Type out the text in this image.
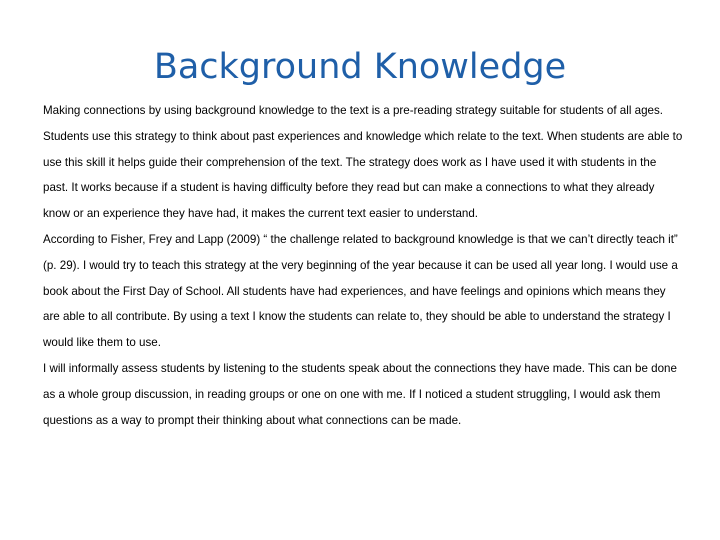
Background Knowledge

Making connections by using background knowledge to the text is a pre-reading strategy suitable for students of all ages. Students use this strategy to think about past experiences and knowledge which relate to the text. When students are able to use this skill it helps guide their comprehension of the text. The strategy does work as I have used it with students in the past. It works because if a student is having difficulty before they read but can make a connections to what they already know or an experience they have had, it makes the current text easier to understand.

According to Fisher, Frey and Lapp (2009) “ the challenge related to background knowledge is that we can’t directly teach it” (p. 29). I would try to teach this strategy at the very beginning of the year because it can be used all year long. I would use a book about the First Day of School. All students have had experiences, and have feelings and opinions which means they are able to all contribute. By using a text I know the students can relate to, they should be able to understand the strategy I would like them to use.

I will informally assess students by listening to the students speak about the connections they have made. This can be done as a whole group discussion, in reading groups or one on one with me. If I noticed a student struggling, I would ask them questions as a way to prompt their thinking about what connections can be made.
